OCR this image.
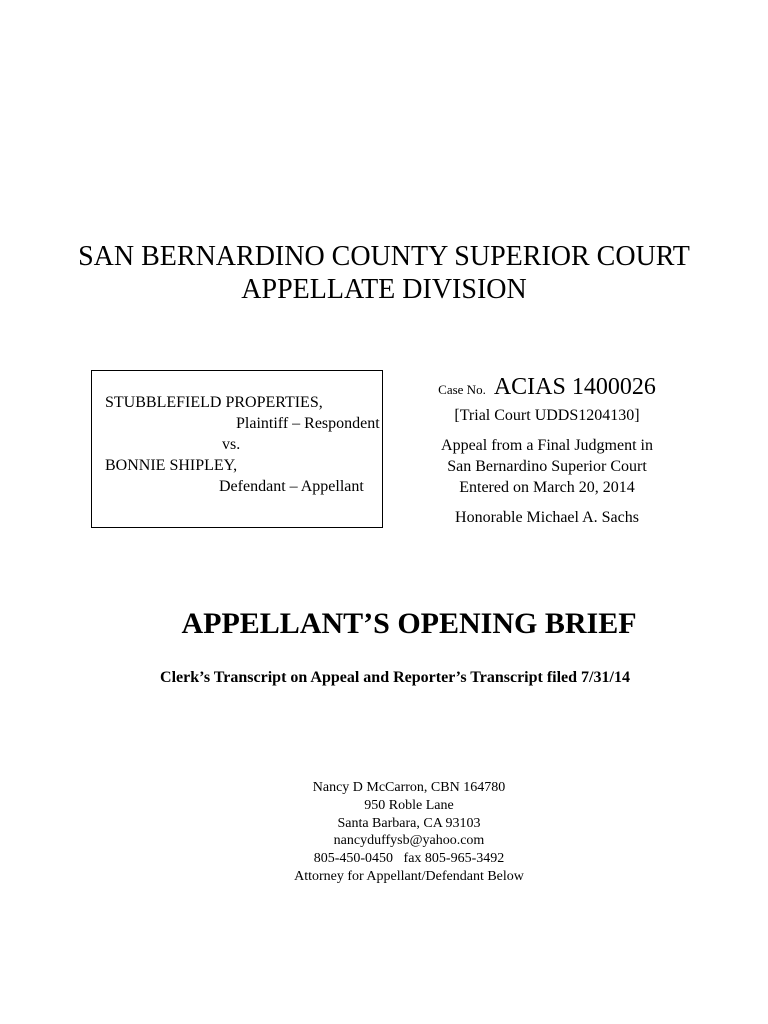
SAN BERNARDINO COUNTY SUPERIOR COURT
APPELLATE DIVISION
STUBBLEFIELD PROPERTIES,
Plaintiff – Respondent
vs.
BONNIE SHIPLEY,
Defendant – Appellant
Case No. ACIAS 1400026
[Trial Court UDDS1204130]
Appeal from a Final Judgment in
San Bernardino Superior Court
Entered on March 20, 2014
Honorable Michael A. Sachs
APPELLANT’S OPENING BRIEF
Clerk’s Transcript on Appeal and Reporter’s Transcript filed 7/31/14
Nancy D McCarron, CBN 164780
950 Roble Lane
Santa Barbara, CA 93103
nancyduffysb@yahoo.com
805-450-0450   fax 805-965-3492
Attorney for Appellant/Defendant Below
